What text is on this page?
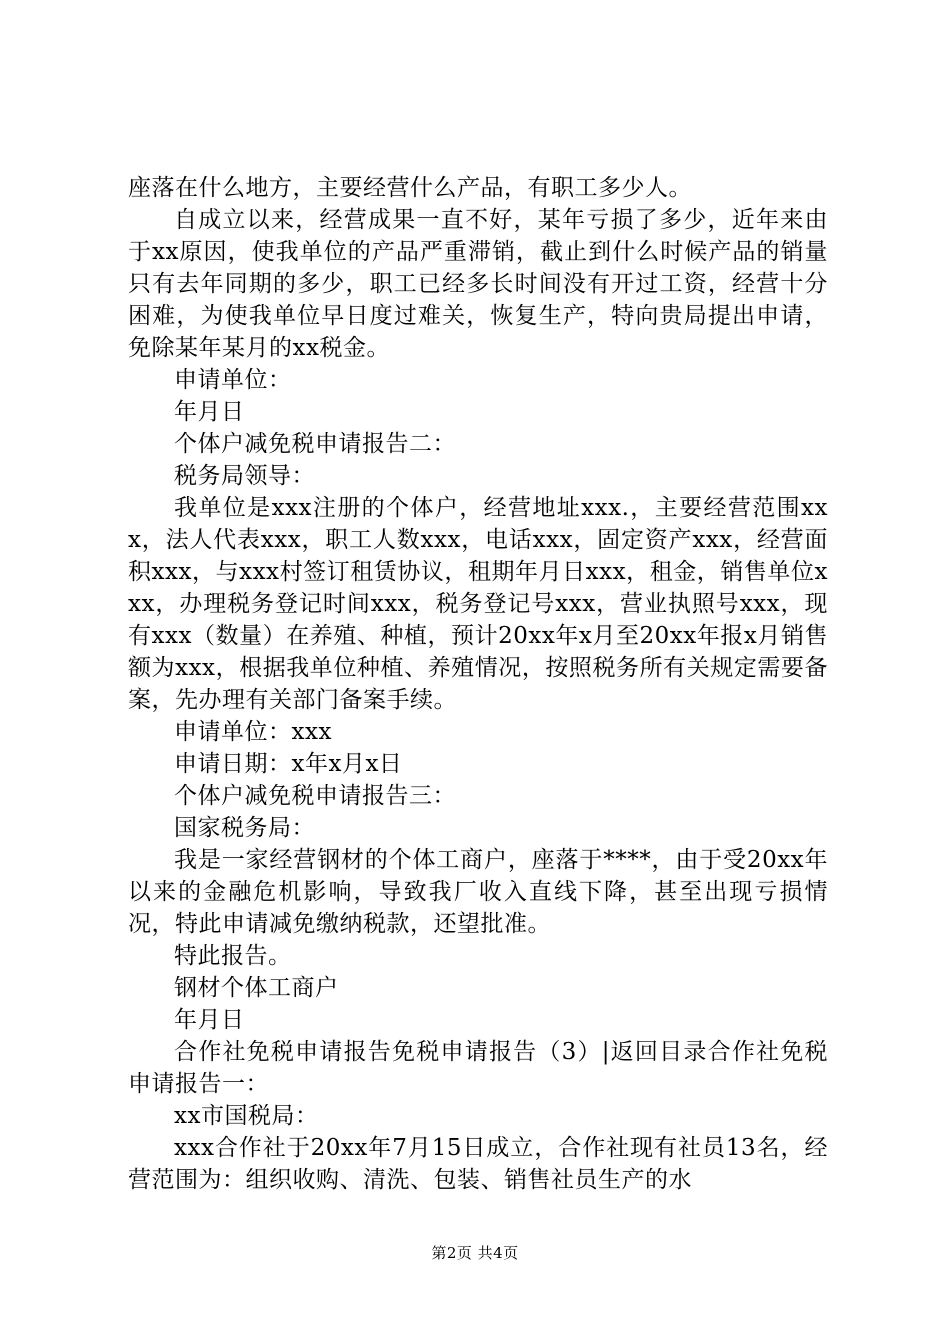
座落在什么地方，主要经营什么产品，有职工多少人。

自成立以来，经营成果一直不好，某年亏损了多少，近年来由于xx原因，使我单位的产品严重滞销，截止到什么时候产品的销量只有去年同期的多少，职工已经多长时间没有开过工资，经营十分困难，为使我单位早日度过难关，恢复生产，特向贵局提出申请，免除某年某月的xx税金。

申请单位：

年月日

个体户减免税申请报告二：

税务局领导：

我单位是xxx注册的个体户，经营地址xxx.，主要经营范围xxx，法人代表xxx，职工人数xxx，电话xxx，固定资产xxx，经营面积xxx，与xxx村签订租赁协议，租期年月日xxx，租金，销售单位xxx，办理税务登记时间xxx，税务登记号xxx，营业执照号xxx，现有xxx（数量）在养殖、种植，预计20xx年x月至20xx年报x月销售额为xxx，根据我单位种植、养殖情况，按照税务所有关规定需要备案，先办理有关部门备案手续。

申请单位：xxx

申请日期：x年x月x日

个体户减免税申请报告三：

国家税务局：

我是一家经营钢材的个体工商户，座落于****，由于受20xx年以来的金融危机影响，导致我厂收入直线下降，甚至出现亏损情况，特此申请减免缴纳税款，还望批准。

特此报告。

钢材个体工商户

年月日

合作社免税申请报告免税申请报告（3）|返回目录合作社免税申请报告一：

xx市国税局：

xxx合作社于20xx年7月15日成立，合作社现有社员13名，经营范围为：组织收购、清洗、包装、销售社员生产的水

第2页 共4页
